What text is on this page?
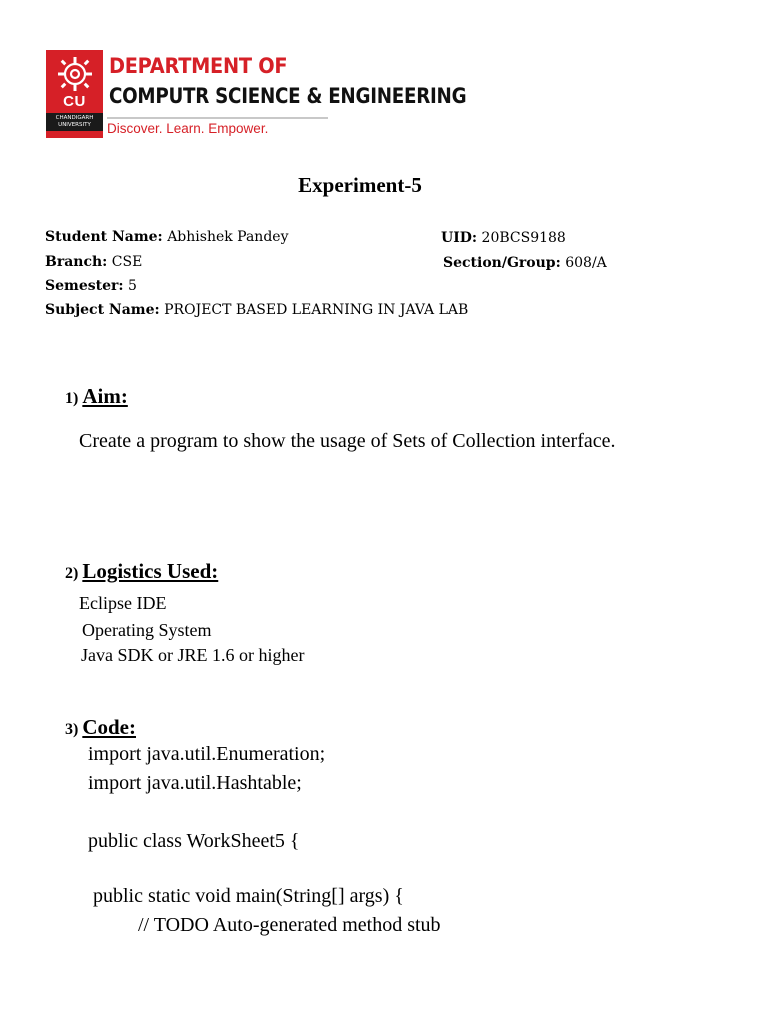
CU
CHANDIGARH
UNIVERSITY
DEPARTMENT OF
COMPUTR SCIENCE & ENGINEERING
Discover. Learn. Empower.
Experiment-5
Student Name: Abhishek Pandey	UID: 20BCS9188
Branch: CSE	Section/Group: 608/A
Semester: 5
Subject Name: PROJECT BASED LEARNING IN JAVA LAB
1) Aim:
Create a program to show the usage of Sets of Collection interface.
2) Logistics Used:
Eclipse IDE
Operating System
Java SDK or JRE 1.6 or higher
3) Code:
import java.util.Enumeration;
import java.util.Hashtable;
public class WorkSheet5 {
public static void main(String[] args) {
// TODO Auto-generated method stub
